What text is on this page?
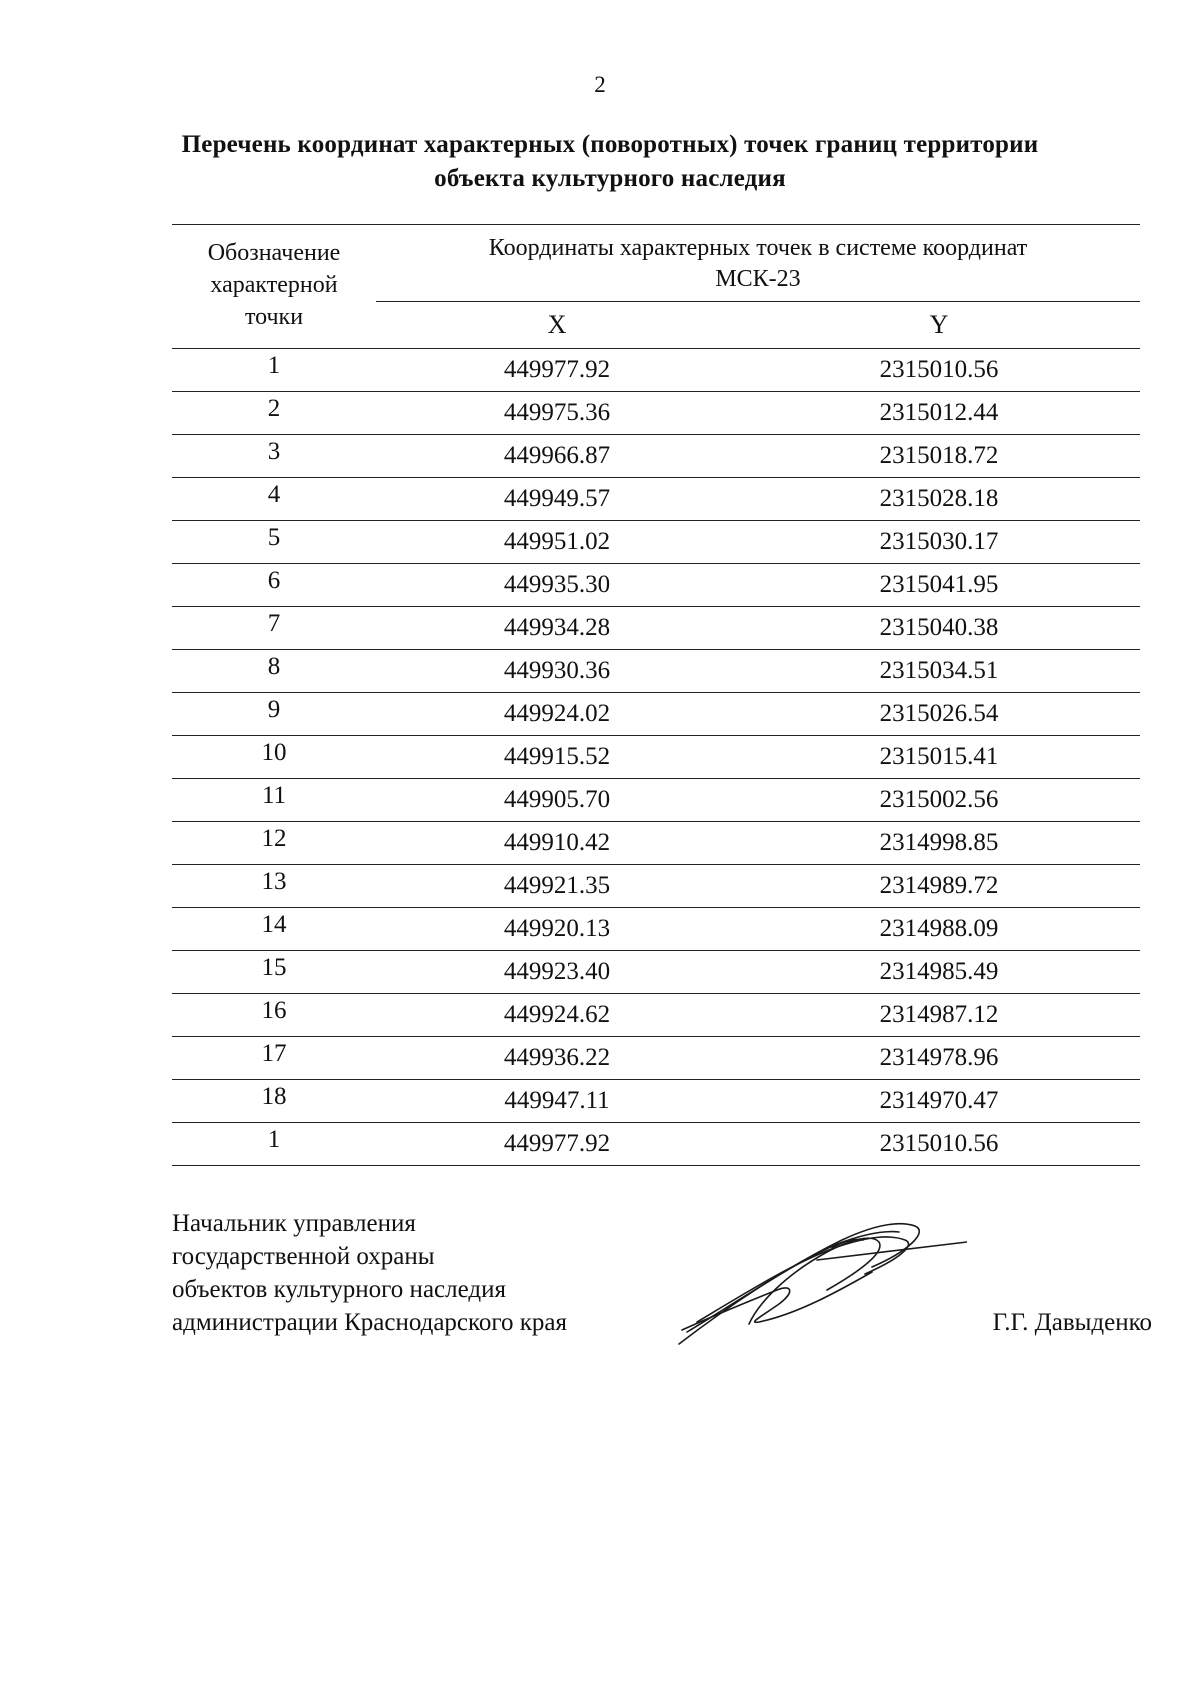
2
Перечень координат характерных (поворотных) точек границ территории
объекта культурного наследия
Обозначение характерной точки	Координаты характерных точек в системе координат МСК-23	
	X	Y
1	449977.92	2315010.56
2	449975.36	2315012.44
3	449966.87	2315018.72
4	449949.57	2315028.18
5	449951.02	2315030.17
6	449935.30	2315041.95
7	449934.28	2315040.38
8	449930.36	2315034.51
9	449924.02	2315026.54
10	449915.52	2315015.41
11	449905.70	2315002.56
12	449910.42	2314998.85
13	449921.35	2314989.72
14	449920.13	2314988.09
15	449923.40	2314985.49
16	449924.62	2314987.12
17	449936.22	2314978.96
18	449947.11	2314970.47
1	449977.92	2315010.56
Начальник управления
государственной охраны
объектов культурного наследия
администрации Краснодарского края	Г.Г. Давыденко
